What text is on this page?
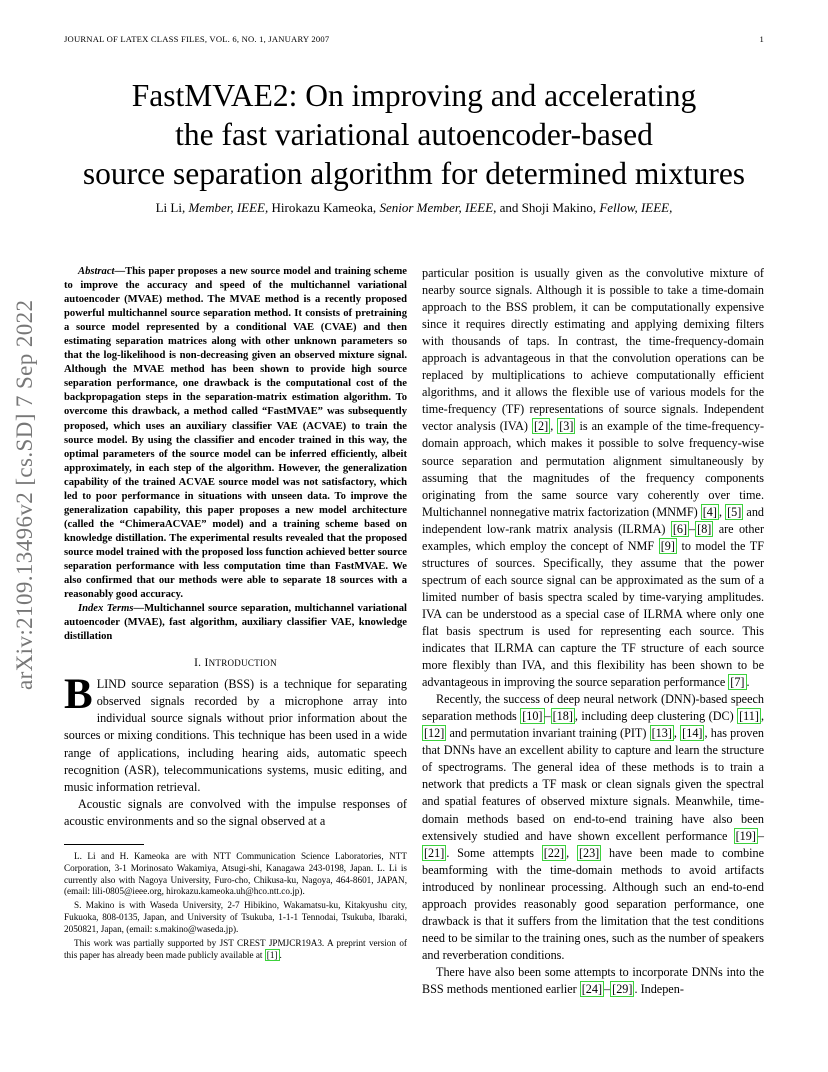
JOURNAL OF LATEX CLASS FILES, VOL. 6, NO. 1, JANUARY 2007	1
arXiv:2109.13496v2 [cs.SD] 7 Sep 2022
FastMVAE2: On improving and accelerating
the fast variational autoencoder-based
source separation algorithm for determined mixtures
Li Li, Member, IEEE, Hirokazu Kameoka, Senior Member, IEEE, and Shoji Makino, Fellow, IEEE,

Abstract—This paper proposes a new source model and training scheme to improve the accuracy and speed of the multichannel variational autoencoder (MVAE) method. The MVAE method is a recently proposed powerful multichannel source separation method. It consists of pretraining a source model represented by a conditional VAE (CVAE) and then estimating separation matrices along with other unknown parameters so that the log-likelihood is non-decreasing given an observed mixture signal. Although the MVAE method has been shown to provide high source separation performance, one drawback is the computational cost of the backpropagation steps in the separation-matrix estimation algorithm. To overcome this drawback, a method called “FastMVAE” was subsequently proposed, which uses an auxiliary classifier VAE (ACVAE) to train the source model. By using the classifier and encoder trained in this way, the optimal parameters of the source model can be inferred efficiently, albeit approximately, in each step of the algorithm. However, the generalization capability of the trained ACVAE source model was not satisfactory, which led to poor performance in situations with unseen data. To improve the generalization capability, this paper proposes a new model architecture (called the “ChimeraACVAE” model) and a training scheme based on knowledge distillation. The experimental results revealed that the proposed source model trained with the proposed loss function achieved better source separation performance with less computation time than FastMVAE. We also confirmed that our methods were able to separate 18 sources with a reasonably good accuracy.

Index Terms—Multichannel source separation, multichannel variational autoencoder (MVAE), fast algorithm, auxiliary classifier VAE, knowledge distillation

I. INTRODUCTION

BLIND source separation (BSS) is a technique for separating observed signals recorded by a microphone array into individual source signals without prior information about the sources or mixing conditions. This technique has been used in a wide range of applications, including hearing aids, automatic speech recognition (ASR), telecommunications systems, music editing, and music information retrieval.

Acoustic signals are convolved with the impulse responses of acoustic environments and so the signal observed at a

L. Li and H. Kameoka are with NTT Communication Science Laboratories, NTT Corporation, 3-1 Morinosato Wakamiya, Atsugi-shi, Kanagawa 243-0198, Japan. L. Li is currently also with Nagoya University, Furo-cho, Chikusa-ku, Nagoya, 464-8601, JAPAN, (email: lili-0805@ieee.org, hirokazu.kameoka.uh@hco.ntt.co.jp).

S. Makino is with Waseda University, 2-7 Hibikino, Wakamatsu-ku, Kitakyushu city, Fukuoka, 808-0135, Japan, and University of Tsukuba, 1-1-1 Tennodai, Tsukuba, Ibaraki, 2050821, Japan, (email: s.makino@waseda.jp).

This work was partially supported by JST CREST JPMJCR19A3. A preprint version of this paper has already been made publicly available at [1] .

particular position is usually given as the convolutive mixture of nearby source signals. Although it is possible to take a time-domain approach to the BSS problem, it can be computationally expensive since it requires directly estimating and applying demixing filters with thousands of taps. In contrast, the time-frequency-domain approach is advantageous in that the convolution operations can be replaced by multiplications to achieve computationally efficient algorithms, and it allows the flexible use of various models for the time-frequency (TF) representations of source signals. Independent vector analysis (IVA) [2] , [3] is an example of the time-frequency-domain approach, which makes it possible to solve frequency-wise source separation and permutation alignment simultaneously by assuming that the magnitudes of the frequency components originating from the same source vary coherently over time. Multichannel nonnegative matrix factorization (MNMF) [4] , [5] and independent low-rank matrix analysis (ILRMA) [6] – [8] are other examples, which employ the concept of NMF [9] to model the TF structures of sources. Specifically, they assume that the power spectrum of each source signal can be approximated as the sum of a limited number of basis spectra scaled by time-varying amplitudes. IVA can be understood as a special case of ILRMA where only one flat basis spectrum is used for representing each source. This indicates that ILRMA can capture the TF structure of each source more flexibly than IVA, and this flexibility has been shown to be advantageous in improving the source separation performance [7] .

Recently, the success of deep neural network (DNN)-based speech separation methods [10] – [18] , including deep clustering (DC) [11] , [12] and permutation invariant training (PIT) [13] , [14] , has proven that DNNs have an excellent ability to capture and learn the structure of spectrograms. The general idea of these methods is to train a network that predicts a TF mask or clean signals given the spectral and spatial features of observed mixture signals. Meanwhile, time-domain methods based on end-to-end training have also been extensively studied and have shown excellent performance [19] –[21] . Some attempts [22] , [23] have been made to combine beamforming with the time-domain methods to avoid artifacts introduced by nonlinear processing. Although such an end-to-end approach provides reasonably good separation performance, one drawback is that it suffers from the limitation that the test conditions need to be similar to the training ones, such as the number of speakers and reverberation conditions.

There have also been some attempts to incorporate DNNs into the BSS methods mentioned earlier [24] – [29] . Indepen-
